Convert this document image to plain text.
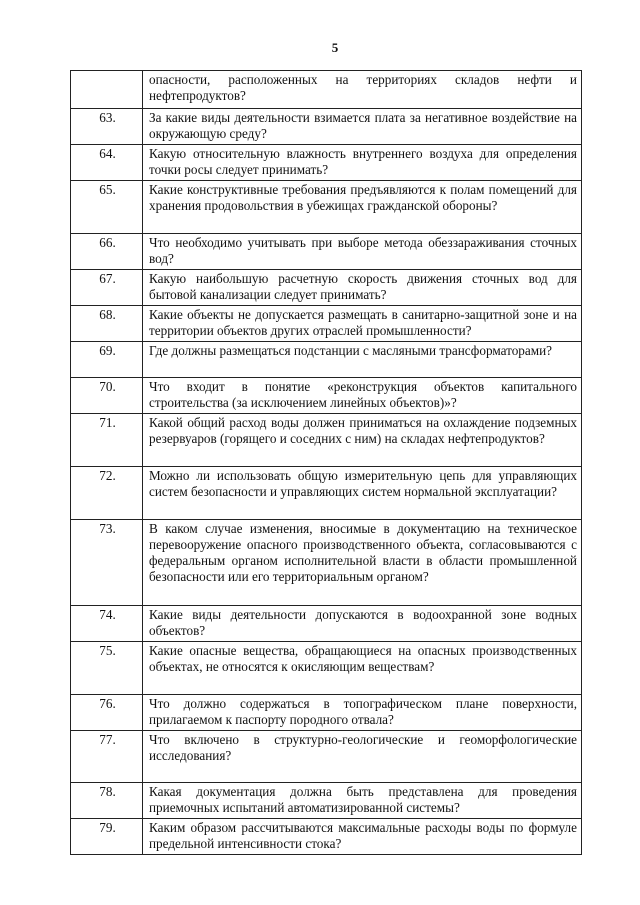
5
	опасности, расположенных на территориях складов нефти и нефтепродуктов?
63.	За какие виды деятельности взимается плата за негативное воздействие на окружающую среду?
64.	Какую относительную влажность внутреннего воздуха для определения точки росы следует принимать?
65.	Какие конструктивные требования предъявляются к полам помещений для хранения продовольствия в убежищах гражданской обороны?
66.	Что необходимо учитывать при выборе метода обеззараживания сточных вод?
67.	Какую наибольшую расчетную скорость движения сточных вод для бытовой канализации следует принимать?
68.	Какие объекты не допускается размещать в санитарно-защитной зоне и на территории объектов других отраслей промышленности?
69.	Где должны размещаться подстанции с масляными трансформаторами?
70.	Что входит в понятие «реконструкция объектов капитального строительства (за исключением линейных объектов)»?
71.	Какой общий расход воды должен приниматься на охлаждение подземных резервуаров (горящего и соседних с ним) на складах нефтепродуктов?
72.	Можно ли использовать общую измерительную цепь для управляющих систем безопасности и управляющих систем нормальной эксплуатации?
73.	В каком случае изменения, вносимые в документацию на техническое перевооружение опасного производственного объекта, согласовываются с федеральным органом исполнительной власти в области промышленной безопасности или его территориальным органом?
74.	Какие виды деятельности допускаются в водоохранной зоне водных объектов?
75.	Какие опасные вещества, обращающиеся на опасных производственных объектах, не относятся к окисляющим веществам?
76.	Что должно содержаться в топографическом плане поверхности, прилагаемом к паспорту породного отвала?
77.	Что включено в структурно-геологические и геоморфологические исследования?
78.	Какая документация должна быть представлена для проведения приемочных испытаний автоматизированной системы?
79.	Каким образом рассчитываются максимальные расходы воды по формуле предельной интенсивности стока?
